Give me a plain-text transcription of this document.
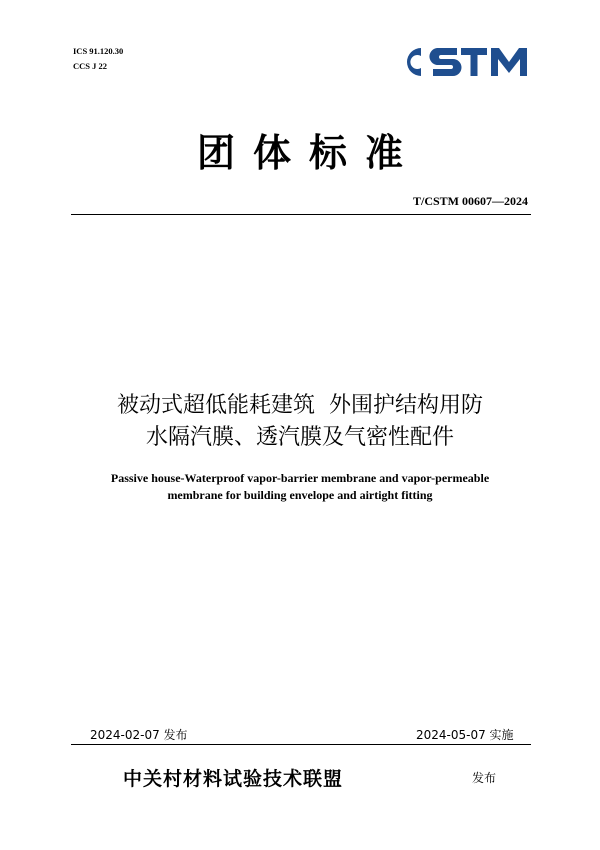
ICS 91.120.30
CCS J 22
团体标准
T/CSTM 00607—2024
被动式超低能耗建筑  外围护结构用防
水隔汽膜、透汽膜及气密性配件
Passive house-Waterproof vapor-barrier membrane and vapor-permeable
membrane for building envelope and airtight fitting
2024-02-07 发布	2024-05-07 实施
中关村材料试验技术联盟	发布
